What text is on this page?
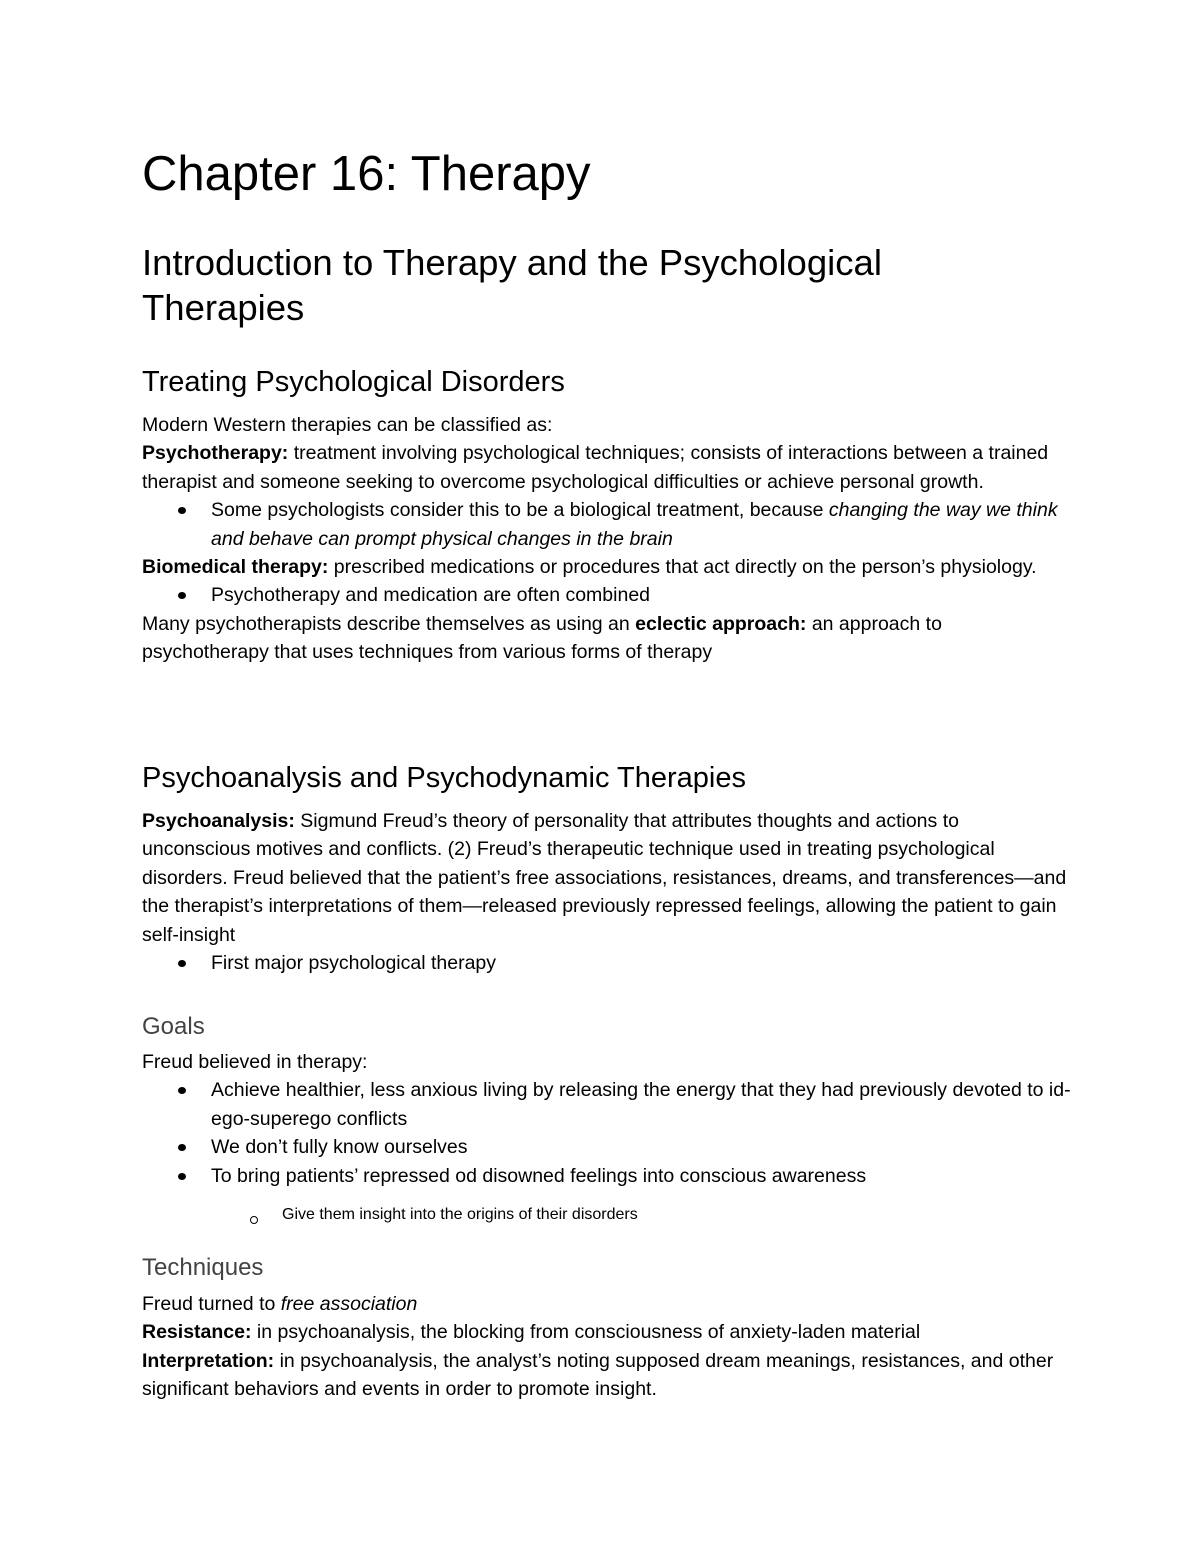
Chapter 16: Therapy
Introduction to Therapy and the Psychological Therapies
Treating Psychological Disorders

Modern Western therapies can be classified as:

Psychotherapy: treatment involving psychological techniques; consists of interactions between a trained therapist and someone seeking to overcome psychological difficulties or achieve personal growth.

Some psychologists consider this to be a biological treatment, because changing the way we think and behave can prompt physical changes in the brain

Biomedical therapy: prescribed medications or procedures that act directly on the person’s physiology.

Psychotherapy and medication are often combined

Many psychotherapists describe themselves as using an eclectic approach: an approach to psychotherapy that uses techniques from various forms of therapy

Psychoanalysis and Psychodynamic Therapies

Psychoanalysis: Sigmund Freud’s theory of personality that attributes thoughts and actions to unconscious motives and conflicts. (2) Freud’s therapeutic technique used in treating psychological disorders. Freud believed that the patient’s free associations, resistances, dreams, and transferences—and the therapist’s interpretations of them—released previously repressed feelings, allowing the patient to gain self-insight

First major psychological therapy

Goals

Freud believed in therapy:

Achieve healthier, less anxious living by releasing the energy that they had previously devoted to id-ego-superego conflicts

We don’t fully know ourselves

To bring patients’ repressed od disowned feelings into conscious awareness

Give them insight into the origins of their disorders

Techniques

Freud turned to free association

Resistance: in psychoanalysis, the blocking from consciousness of anxiety-laden material

Interpretation: in psychoanalysis, the analyst’s noting supposed dream meanings, resistances, and other significant behaviors and events in order to promote insight.
